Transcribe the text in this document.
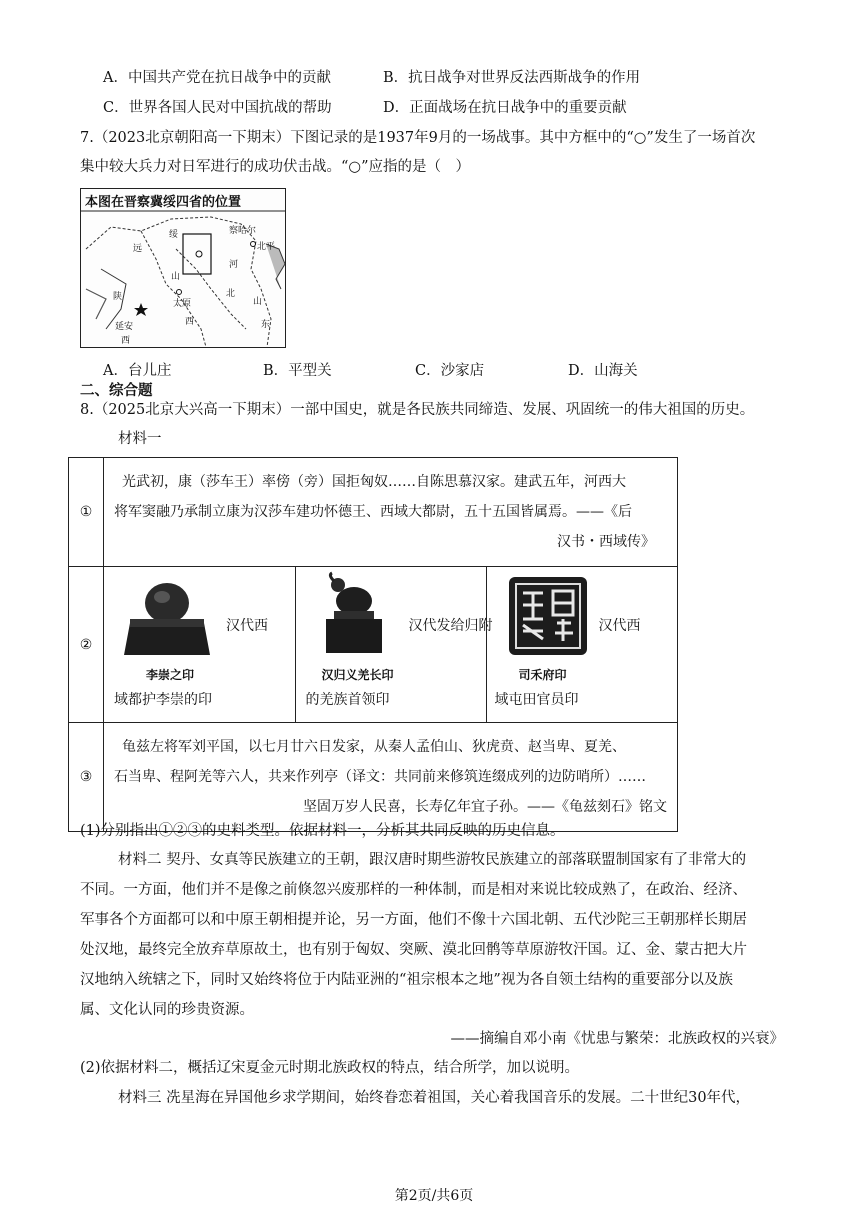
A．中国共产党在抗日战争中的贡献	B．抗日战争对世界反法西斯战争的作用
C．世界各国人民对中国抗战的帮助	D．正面战场在抗日战争中的重要贡献
7.（2023北京朝阳高一下期末）下图记录的是1937年9月的一场战事。其中方框中的“○”发生了一场首次
集中较大兵力对日军进行的成功伏击战。“○”应指的是（　）
本图在晋察冀绥四省的位置
察哈尔
北平
绥
远
河
山
太原
北
陕
延安	西
山
东
西
A．台儿庄	B．平型关	C．沙家店	D．山海关
二、综合题
8.（2025北京大兴高一下期末）一部中国史，就是各民族共同缔造、发展、巩固统一的伟大祖国的历史。
材料一
①	
光武初，康（莎车王）率傍（旁）国拒匈奴……自陈思慕汉家。建武五年，河西大
将军窦融乃承制立康为汉莎车建功怀德王、西域大都尉，五十五国皆属焉。——《后
汉书・西域传》

②	
李崇之印
汉代西
域都护李崇的印

汉归义羌长印
汉代发给归附
的羌族首领印

司禾府印
汉代西
域屯田官员印

③	
龟兹左将军刘平国，以七月廿六日发家，从秦人孟伯山、狄虎贲、赵当卑、夏羌、
石当卑、程阿羌等六人，共来作列亭（译文：共同前来修筑连缀成列的边防哨所）……
坚固万岁人民喜，长寿亿年宜子孙。——《龟兹刻石》铭文
(1)分别指出①②③的史料类型。依据材料一，分析其共同反映的历史信息。
材料二 契丹、女真等民族建立的王朝，跟汉唐时期些游牧民族建立的部落联盟制国家有了非常大的
不同。一方面，他们并不是像之前倏忽兴废那样的一种体制，而是相对来说比较成熟了，在政治、经济、
军事各个方面都可以和中原王朝相提并论，另一方面，他们不像十六国北朝、五代沙陀三王朝那样长期居
处汉地，最终完全放弃草原故土，也有别于匈奴、突厥、漠北回鹘等草原游牧汗国。辽、金、蒙古把大片
汉地纳入统辖之下，同时又始终将位于内陆亚洲的“祖宗根本之地”视为各自领土结构的重要部分以及族
属、文化认同的珍贵资源。
——摘编自邓小南《忧患与繁荣：北族政权的兴衰》
(2)依据材料二，概括辽宋夏金元时期北族政权的特点，结合所学，加以说明。
材料三 冼星海在异国他乡求学期间，始终眷恋着祖国，关心着我国音乐的发展。二十世纪30年代，
第2页/共6页
